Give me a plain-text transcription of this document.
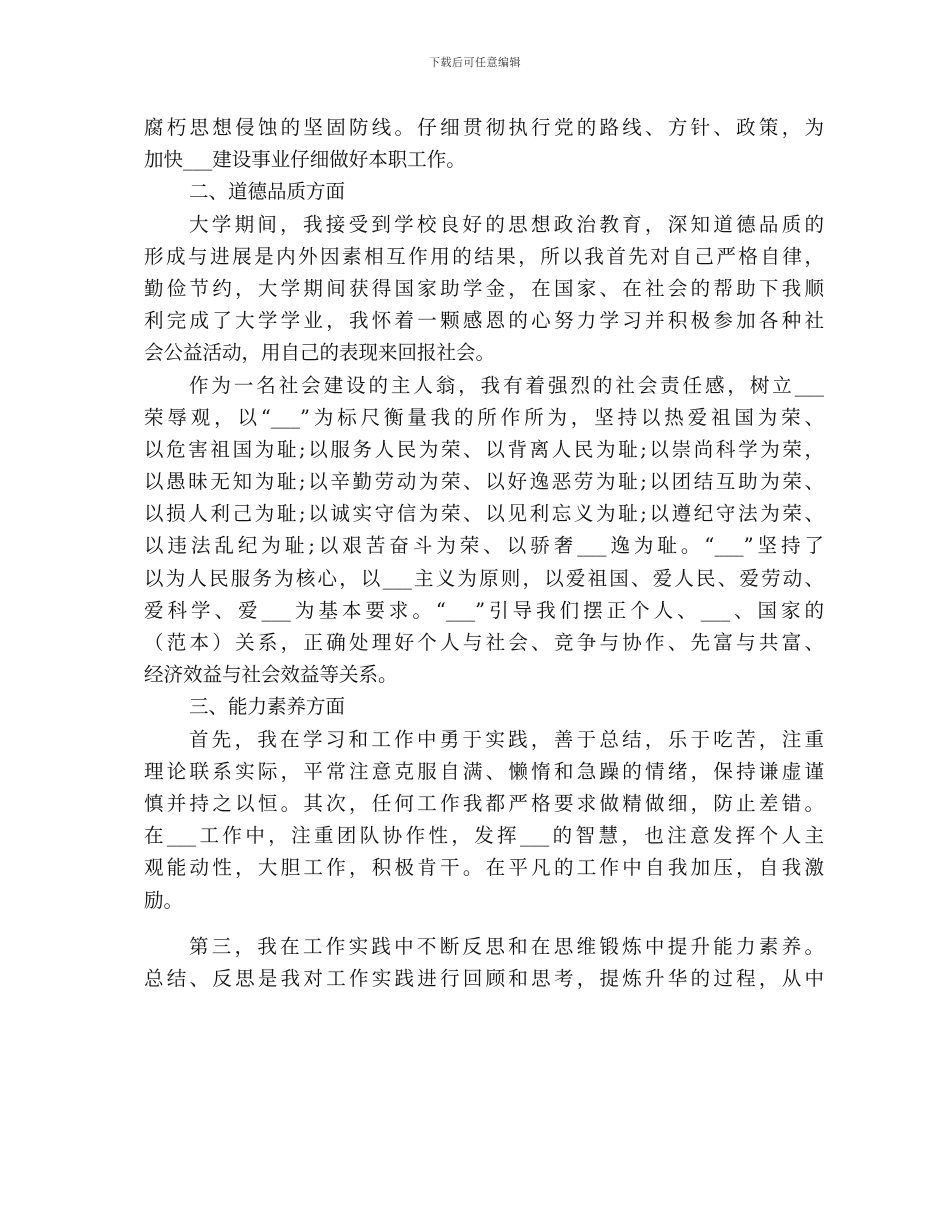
下载后可任意编辑
腐朽思想侵蚀的坚固防线。仔细贯彻执行党的路线、方针、政策，为
加快___建设事业仔细做好本职工作。
二、道德品质方面
大学期间，我接受到学校良好的思想政治教育，深知道德品质的
形成与进展是内外因素相互作用的结果，所以我首先对自己严格自律，
勤俭节约，大学期间获得国家助学金，在国家、在社会的帮助下我顺
利完成了大学学业，我怀着一颗感恩的心努力学习并积极参加各种社
会公益活动，用自己的表现来回报社会。
作为一名社会建设的主人翁，我有着强烈的社会责任感，树立___
荣辱观，以“___”为标尺衡量我的所作所为，坚持以热爱祖国为荣、
以危害祖国为耻;以服务人民为荣、以背离人民为耻;以崇尚科学为荣，
以愚昧无知为耻;以辛勤劳动为荣、以好逸恶劳为耻;以团结互助为荣、
以损人利己为耻;以诚实守信为荣、以见利忘义为耻;以遵纪守法为荣、
以违法乱纪为耻;以艰苦奋斗为荣、以骄奢___逸为耻。“___”坚持了
以为人民服务为核心，以___主义为原则，以爱祖国、爱人民、爱劳动、
爱科学、爱___为基本要求。“___”引导我们摆正个人、___、国家的
（范本）关系，正确处理好个人与社会、竞争与协作、先富与共富、
经济效益与社会效益等关系。
三、能力素养方面
首先，我在学习和工作中勇于实践，善于总结，乐于吃苦，注重
理论联系实际，平常注意克服自满、懒惰和急躁的情绪，保持谦虚谨
慎并持之以恒。其次，任何工作我都严格要求做精做细，防止差错。
在___工作中，注重团队协作性，发挥___的智慧，也注意发挥个人主
观能动性，大胆工作，积极肯干。在平凡的工作中自我加压，自我激
励。
第三，我在工作实践中不断反思和在思维锻炼中提升能力素养。
总结、反思是我对工作实践进行回顾和思考，提炼升华的过程，从中
